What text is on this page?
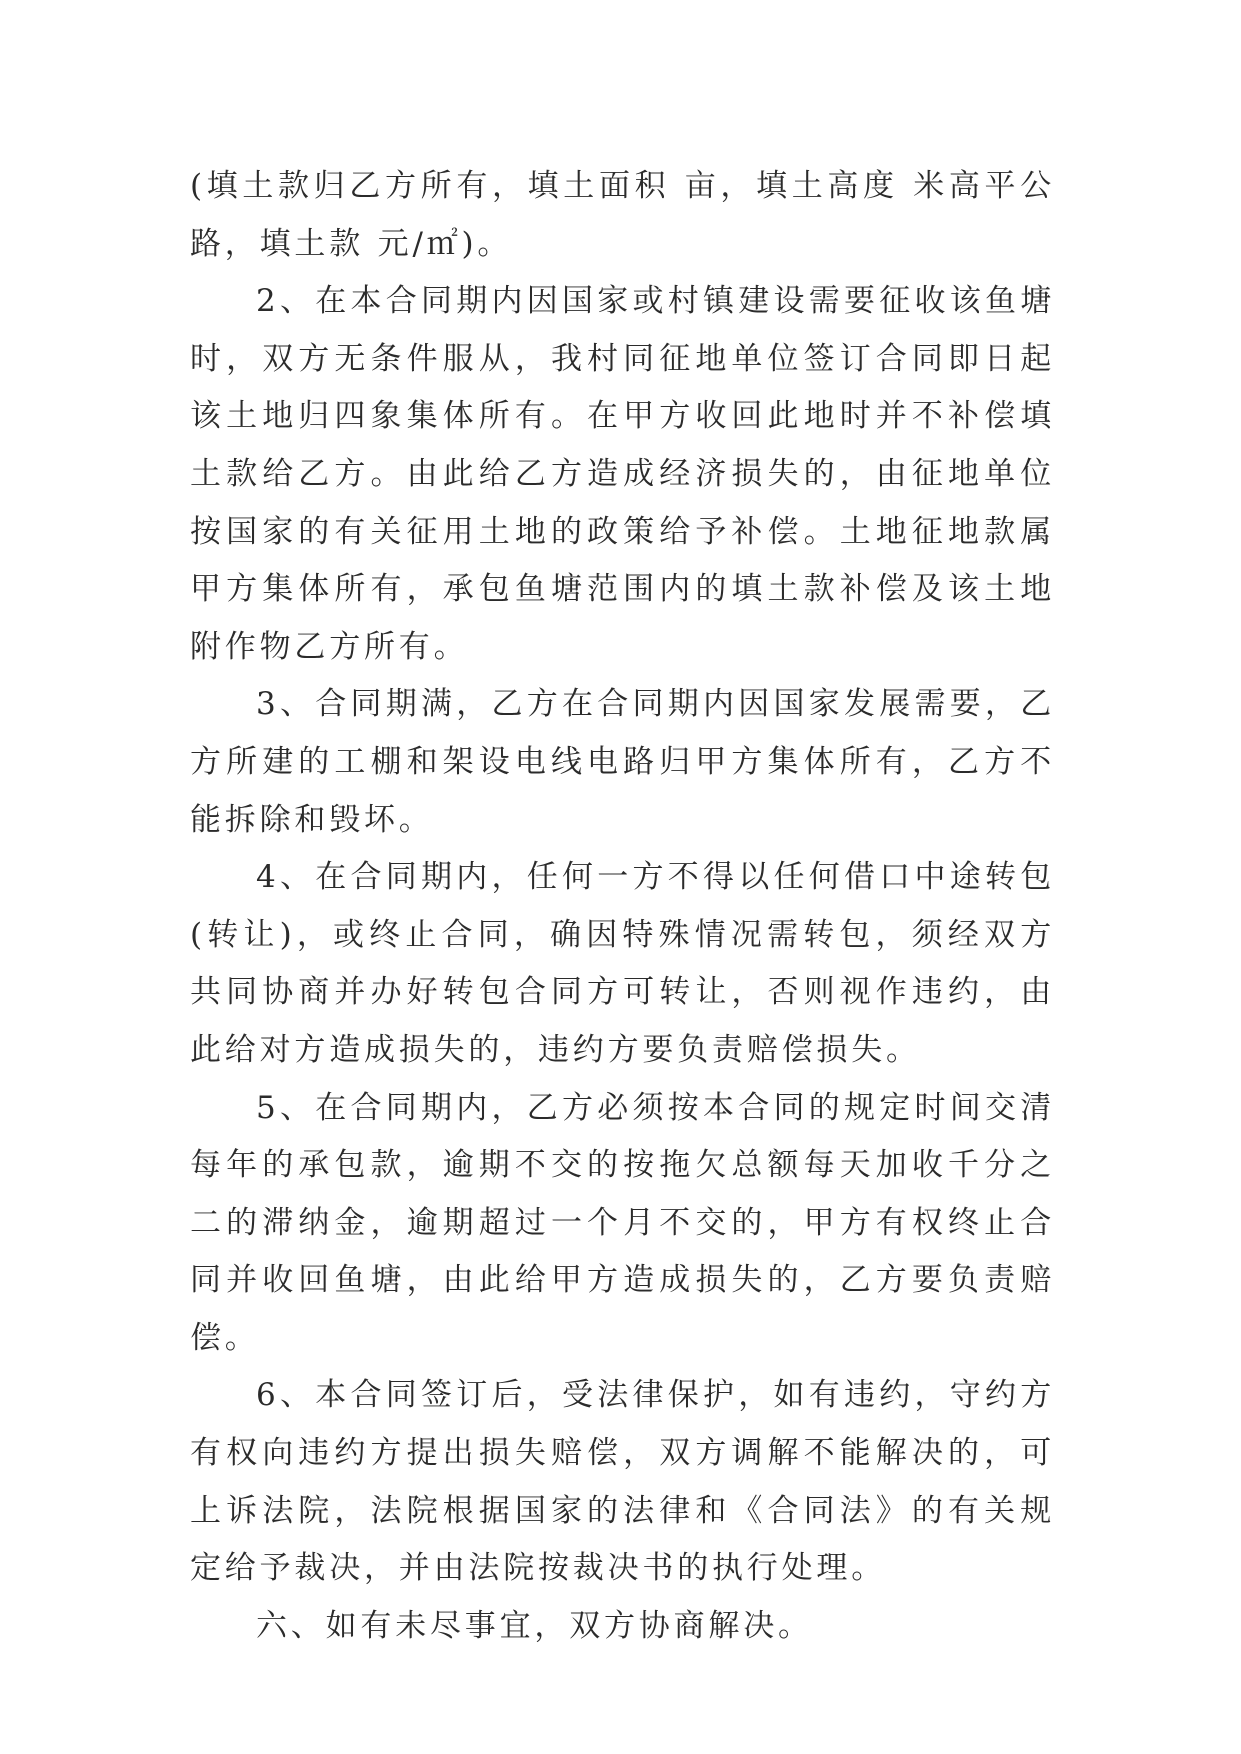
(填土款归乙方所有，填土面积 亩，填土高度 米高平公路，填土款 元/㎡)。

2、在本合同期内因国家或村镇建设需要征收该鱼塘时，双方无条件服从，我村同征地单位签订合同即日起该土地归四象集体所有。在甲方收回此地时并不补偿填土款给乙方。由此给乙方造成经济损失的，由征地单位按国家的有关征用土地的政策给予补偿。土地征地款属甲方集体所有，承包鱼塘范围内的填土款补偿及该土地附作物乙方所有。

3、合同期满，乙方在合同期内因国家发展需要，乙方所建的工棚和架设电线电路归甲方集体所有，乙方不能拆除和毁坏。

4、在合同期内，任何一方不得以任何借口中途转包(转让)，或终止合同，确因特殊情况需转包，须经双方共同协商并办好转包合同方可转让，否则视作违约，由此给对方造成损失的，违约方要负责赔偿损失。

5、在合同期内，乙方必须按本合同的规定时间交清每年的承包款，逾期不交的按拖欠总额每天加收千分之二的滞纳金，逾期超过一个月不交的，甲方有权终止合同并收回鱼塘，由此给甲方造成损失的，乙方要负责赔偿。

6、本合同签订后，受法律保护，如有违约，守约方有权向违约方提出损失赔偿，双方调解不能解决的，可上诉法院，法院根据国家的法律和《合同法》的有关规定给予裁决，并由法院按裁决书的执行处理。

六、如有未尽事宜，双方协商解决。
